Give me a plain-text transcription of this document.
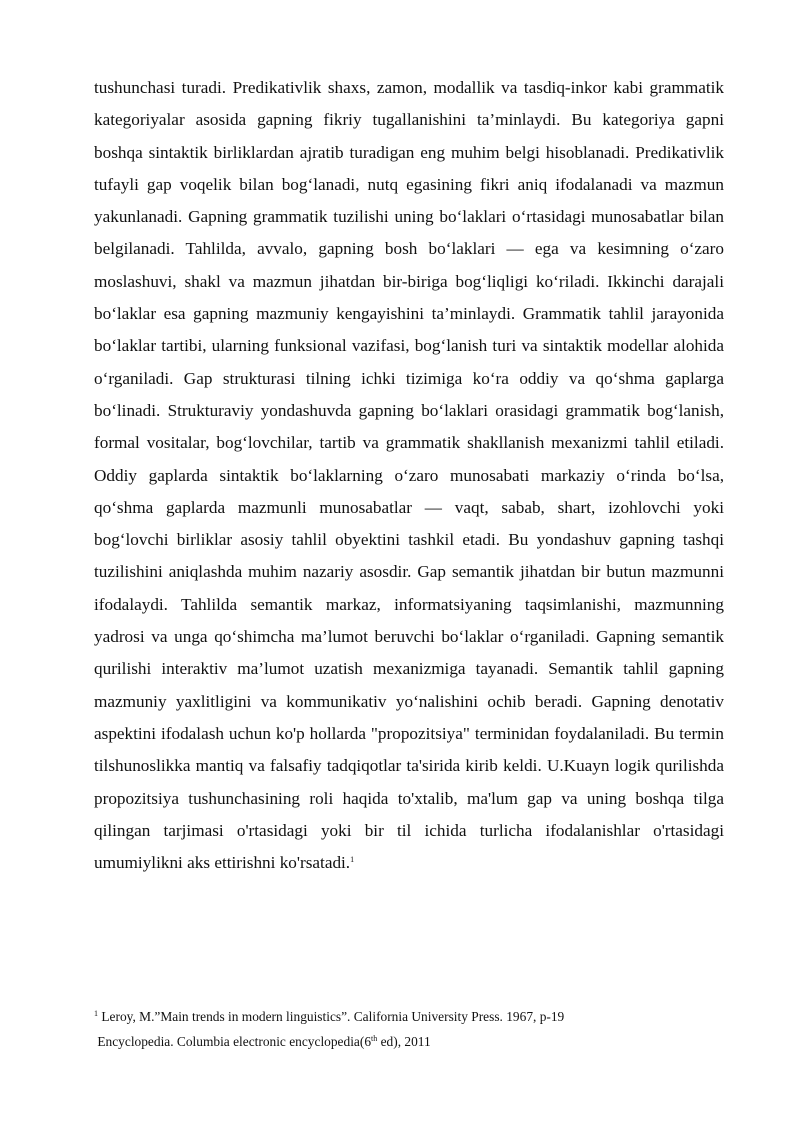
tushunchasi turadi. Predikativlik shaxs, zamon, modallik va tasdiq-inkor kabi grammatik kategoriyalar asosida gapning fikriy tugallanishini ta’minlaydi. Bu kategoriya gapni boshqa sintaktik birliklardan ajratib turadigan eng muhim belgi hisoblanadi. Predikativlik tufayli gap voqelik bilan bog‘lanadi, nutq egasining fikri aniq ifodalanadi va mazmun yakunlanadi. Gapning grammatik tuzilishi uning bo‘laklari o‘rtasidagi munosabatlar bilan belgilanadi. Tahlilda, avvalo, gapning bosh bo‘laklari — ega va kesimning o‘zaro moslashuvi, shakl va mazmun jihatdan bir-biriga bog‘liqligi ko‘riladi. Ikkinchi darajali bo‘laklar esa gapning mazmuniy kengayishini ta’minlaydi. Grammatik tahlil jarayonida bo‘laklar tartibi, ularning funksional vazifasi, bog‘lanish turi va sintaktik modellar alohida o‘rganiladi. Gap strukturasi tilning ichki tizimiga ko‘ra oddiy va qo‘shma gaplarga bo‘linadi. Strukturaviy yondashuvda gapning bo‘laklari orasidagi grammatik bog‘lanish, formal vositalar, bog‘lovchilar, tartib va grammatik shakllanish mexanizmi tahlil etiladi. Oddiy gaplarda sintaktik bo‘laklarning o‘zaro munosabati markaziy o‘rinda bo‘lsa, qo‘shma gaplarda mazmunli munosabatlar — vaqt, sabab, shart, izohlovchi yoki bog‘lovchi birliklar asosiy tahlil obyektini tashkil etadi. Bu yondashuv gapning tashqi tuzilishini aniqlashda muhim nazariy asosdir. Gap semantik jihatdan bir butun mazmunni ifodalaydi. Tahlilda semantik markaz, informatsiyaning taqsimlanishi, mazmunning yadrosi va unga qo‘shimcha ma’lumot beruvchi bo‘laklar o‘rganiladi. Gapning semantik qurilishi interaktiv ma’lumot uzatish mexanizmiga tayanadi. Semantik tahlil gapning mazmuniy yaxlitligini va kommunikativ yo‘nalishini ochib beradi. Gapning denotativ aspektini ifodalash uchun ko'p hollarda "propozitsiya" terminidan foydalaniladi. Bu termin tilshunoslikka mantiq va falsafiy tadqiqotlar ta'sirida kirib keldi. U.Kuayn logik qurilishda propozitsiya tushunchasining roli haqida to'xtalib, ma'lum gap va uning boshqa tilga qilingan tarjimasi o'rtasidagi yoki bir til ichida turlicha ifodalanishlar o'rtasidagi umumiylikni aks ettirishni ko'rsatadi.$^1$

$^1$ Leroy, M.”Main trends in modern linguistics”. California University Press. 1967, p-19
Encyclopedia. Columbia electronic encyclopedia(6th ed), 2011
